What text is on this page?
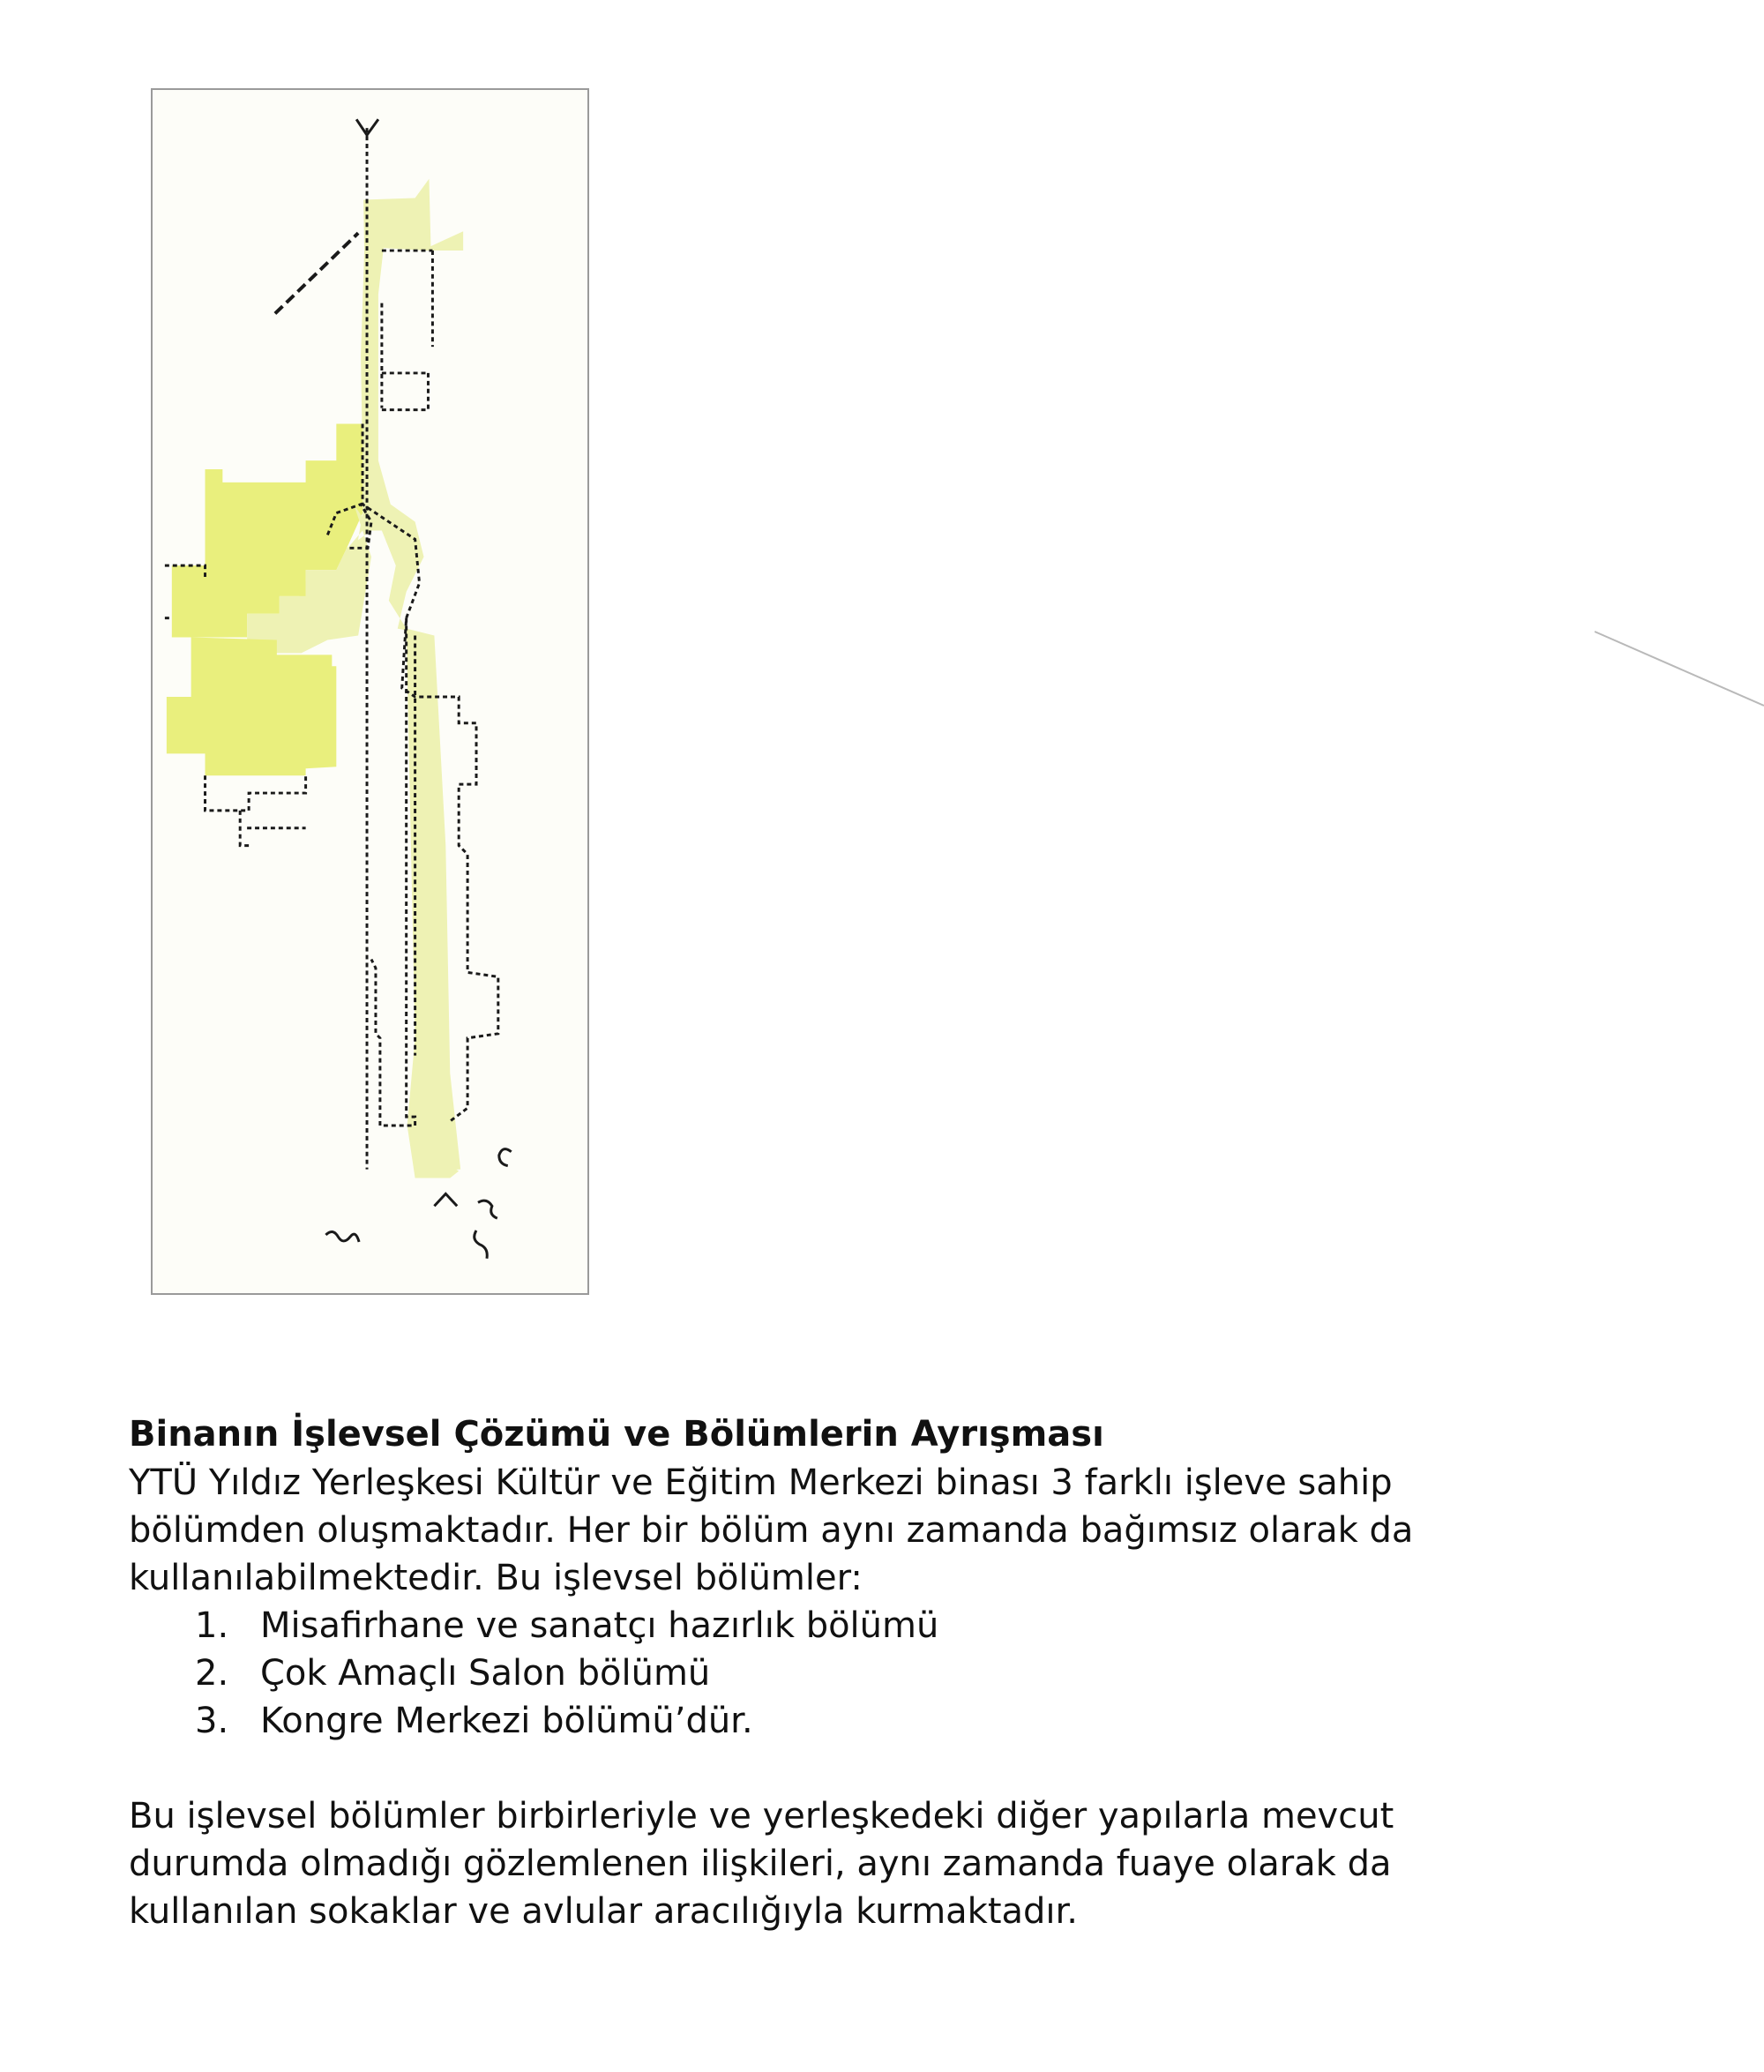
Binanın İşlevsel Çözümü ve Bölümlerin Ayrışması

YTÜ Yıldız Yerleşkesi Kültür ve Eğitim Merkezi binası 3 farklı işleve sahip
bölümden oluşmaktadır. Her bir bölüm aynı zamanda bağımsız olarak da
kullanılabilmektedir. Bu işlevsel bölümler:

1. Misafirhane ve sanatçı hazırlık bölümü
2. Çok Amaçlı Salon bölümü
3. Kongre Merkezi bölümü’dür.

Bu işlevsel bölümler birbirleriyle ve yerleşkedeki diğer yapılarla mevcut
durumda olmadığı gözlemlenen ilişkileri, aynı zamanda fuaye olarak da
kullanılan sokaklar ve avlular aracılığıyla kurmaktadır.
